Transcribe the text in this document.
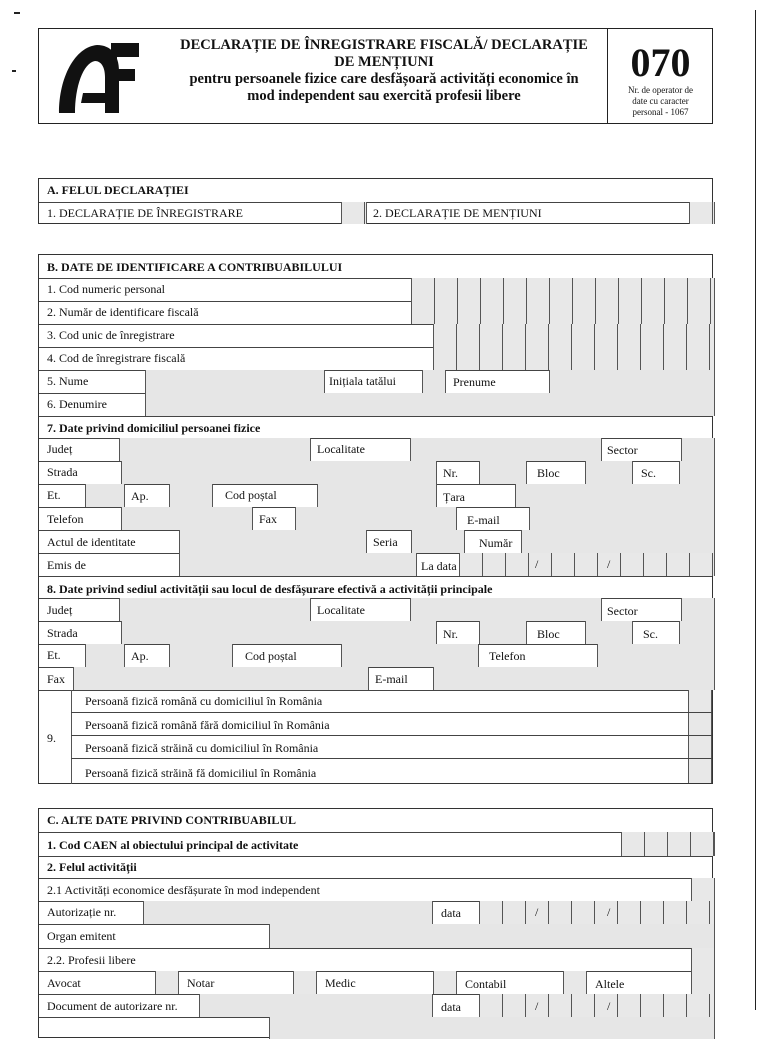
DECLARAȚIE DE ÎNREGISTRARE FISCALĂ/ DECLARAȚIE
DE MENȚIUNI
pentru persoanele fizice care desfășoară activități economice în
mod independent sau exercită profesii libere
070
Nr. de operator de
date cu caracter
personal - 1067
A. FELUL DECLARAȚIEI
1. DECLARAȚIE DE ÎNREGISTRARE	2. DECLARAȚIE DE MENȚIUNI
B. DATE DE IDENTIFICARE A CONTRIBUABILULUI
1. Cod numeric personal
2. Număr de identificare fiscală
3. Cod unic de înregistrare
4. Cod de înregistrare fiscală
5. Nume	Inițiala tatălui	Prenume
6. Denumire
7. Date privind domiciliul persoanei fizice
Județ	Localitate	Sector
Strada	Nr.	Bloc	Sc.
Et.	Ap.	Cod poștal	Țara
Telefon	Fax	E-mail
Actul de identitate	Seria	Număr
Emis de	La data	/	/
8. Date privind sediul activității sau locul de desfășurare efectivă a activității principale
Județ	Localitate	Sector
Strada	Nr.	Bloc	Sc.
Et.	Ap.	Cod poștal	Telefon
Fax	E-mail
9.
Persoană fizică română cu domiciliul în România
Persoană fizică română fără domiciliul în România
Persoană fizică străină cu domiciliul în România
Persoană fizică străină fă domiciliul în România
C. ALTE DATE PRIVIND CONTRIBUABILUL
1. Cod CAEN al obiectului principal de activitate
2. Felul activității
2.1 Activități economice desfășurate în mod independent
Autorizație nr.	data	/	/
Organ emitent
2.2. Profesii libere
Avocat	Notar	Medic	Contabil	Altele
Document de autorizare nr.	data	/	/
